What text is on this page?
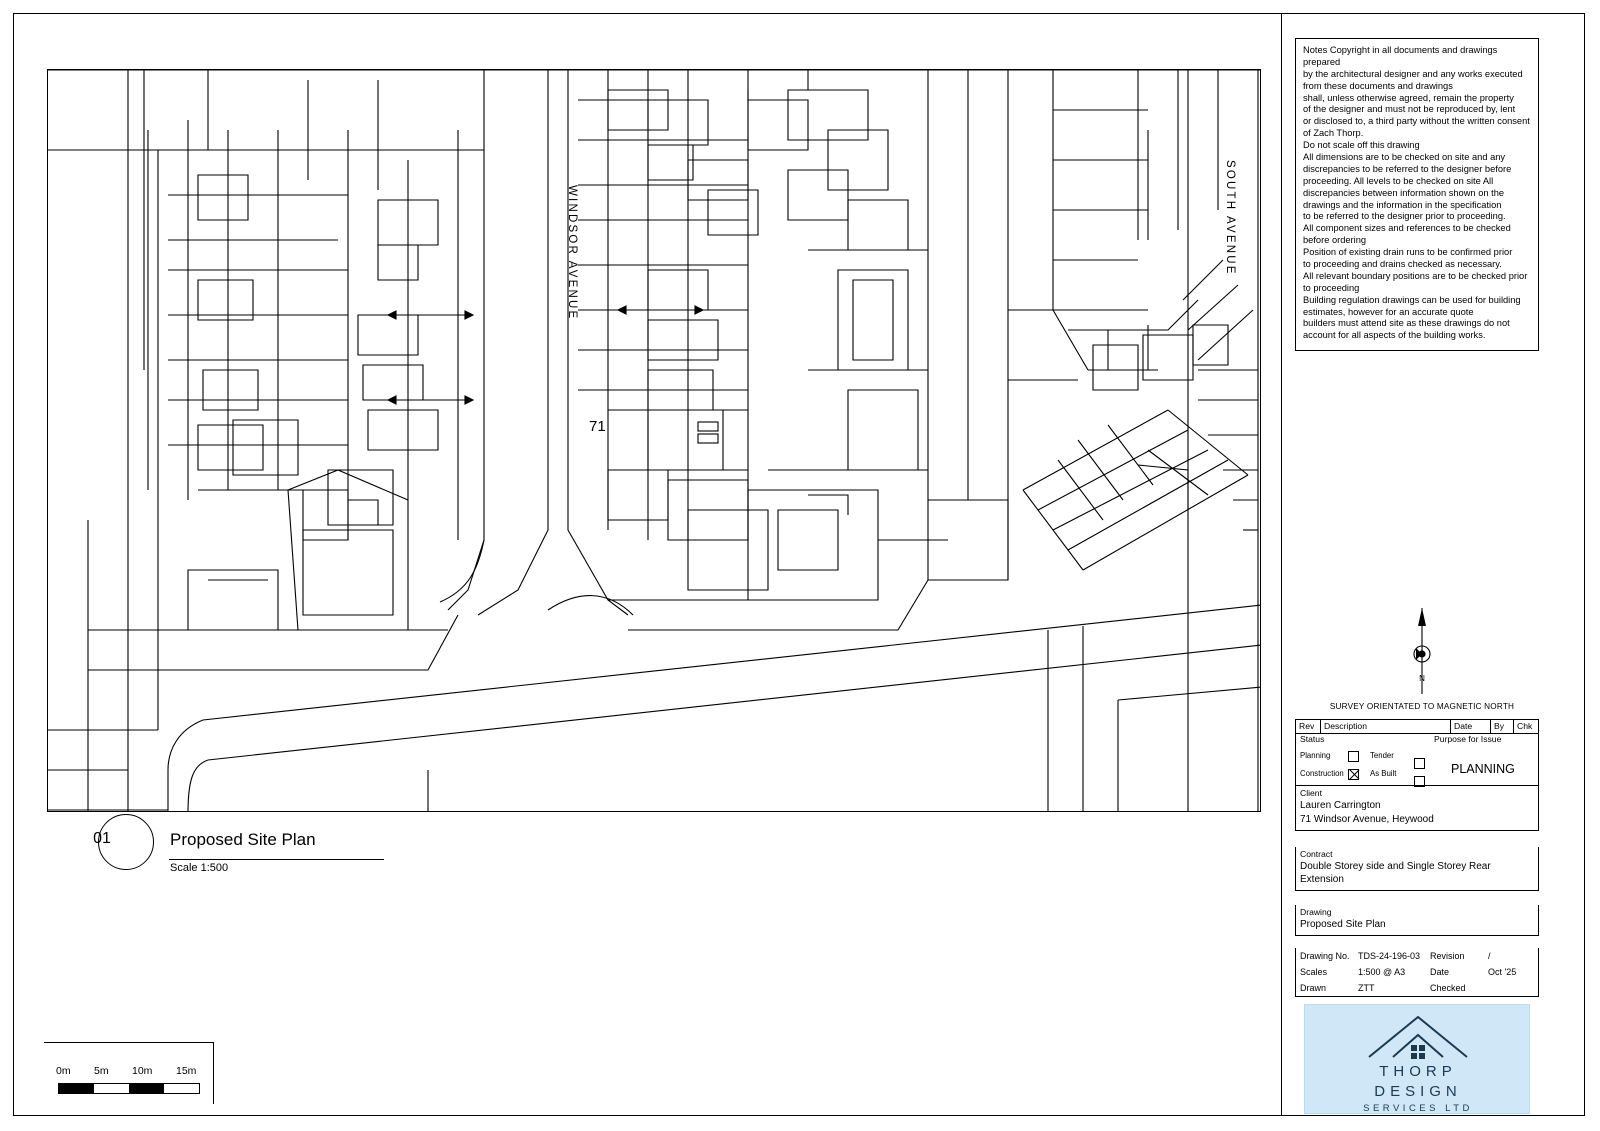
WINDSOR AVENUE	SOUTH AVENUE
71
01	Proposed Site Plan
Scale 1:500
0m 5m 10m 15m

Notes Copyright in all documents and drawings prepared

by the architectural designer and any works executed from these documents and drawings

shall, unless otherwise agreed, remain the property

of the designer and must not be reproduced by, lent

or disclosed to, a third party without the written consent of Zach Thorp.

Do not scale off this drawing

All dimensions are to be checked on site and any discrepancies to be referred to the designer before

proceeding. All levels to be checked on site All discrepancies between information shown on the drawings and the information in the specification

to be referred to the designer prior to proceeding.

All component sizes and references to be checked before ordering

Position of existing drain runs to be confirmed prior

to proceeding and drains checked as necessary.

All relevant boundary positions are to be checked prior to proceeding

Building regulation drawings can be used for building estimates, however for an accurate quote

builders must attend site as these drawings do not

account for all aspects of the building works.

N
SURVEY ORIENTATED TO MAGNETIC NORTH
Rev	Description	Date	By	Chk
Status	Purpose for Issue
Planning	Tender
Construction	As Built	PLANNING
Client
Lauren Carrington
71 Windsor Avenue, Heywood
Contract
Double Storey side and Single Storey Rear Extension
Drawing
Proposed Site Plan
Drawing No. TDS-24-196-03	Revision	/
Scales	1:500 @ A3	Date	Oct '25
Drawn	ZTT	Checked
THORP
DESIGN
SERVICES LTD
